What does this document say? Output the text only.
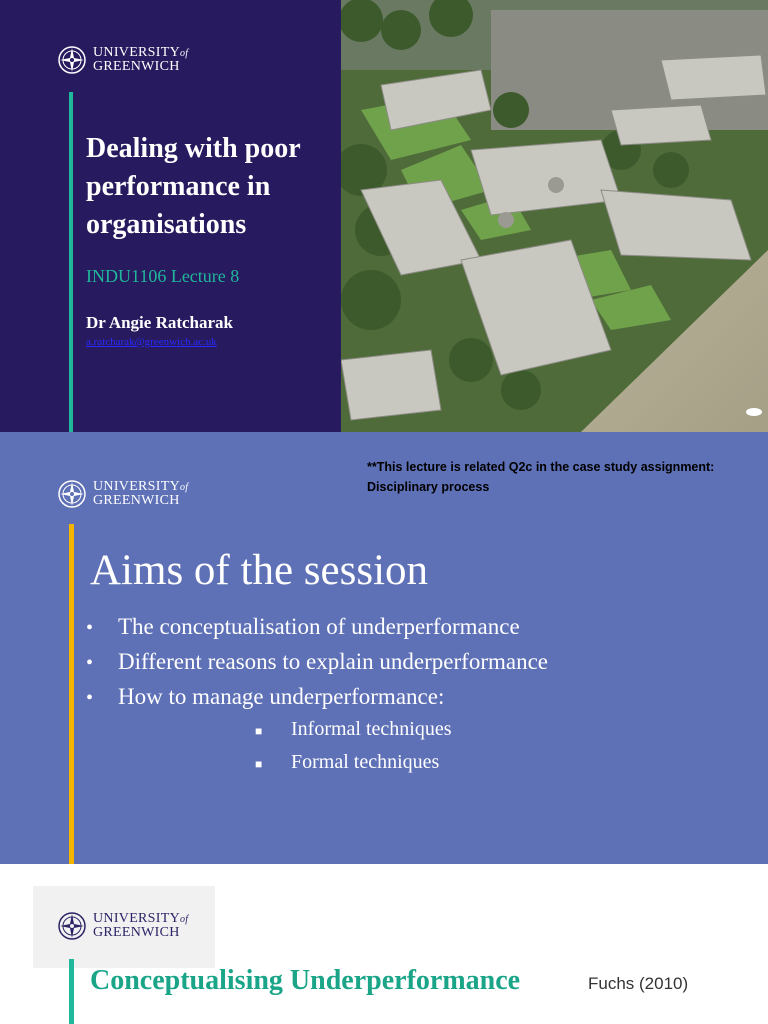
UNIVERSITYof
GREENWICH
Dealing with poor performance in organisations
INDU1106 Lecture 8
Dr Angie Ratcharak
a.ratcharak@greenwich.ac.uk
UNIVERSITYof
GREENWICH
**This lecture is related Q2c in the case study assignment: Disciplinary process
Aims of the session
•	The conceptualisation of underperformance
•	Different reasons to explain underperformance
•	How to manage underperformance:
■	Informal techniques
■	Formal techniques
UNIVERSITYof
GREENWICH
Conceptualising Underperformance	Fuchs (2010)
